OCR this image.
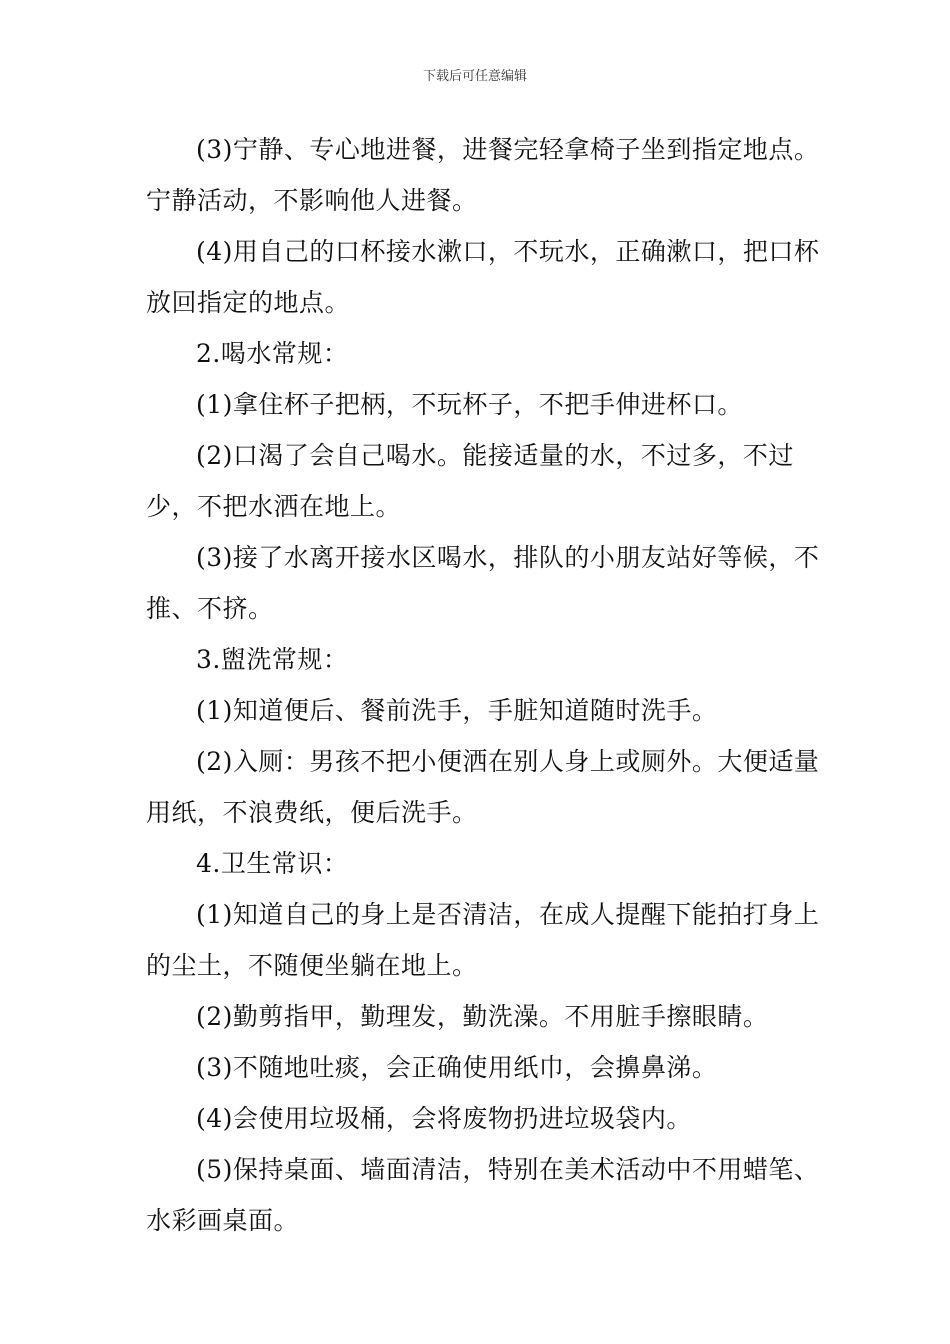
下载后可任意编辑

(3)宁静、专心地进餐，进餐完轻拿椅子坐到指定地点。宁静活动，不影响他人进餐。

(4)用自己的口杯接水漱口，不玩水，正确漱口，把口杯放回指定的地点。

2.喝水常规：

(1)拿住杯子把柄，不玩杯子，不把手伸进杯口。

(2)口渴了会自己喝水。能接适量的水，不过多，不过少，不把水洒在地上。

(3)接了水离开接水区喝水，排队的小朋友站好等候，不推、不挤。

3.盥洗常规：

(1)知道便后、餐前洗手，手脏知道随时洗手。

(2)入厕：男孩不把小便洒在别人身上或厕外。大便适量用纸，不浪费纸，便后洗手。

4.卫生常识：

(1)知道自己的身上是否清洁，在成人提醒下能拍打身上的尘土，不随便坐躺在地上。

(2)勤剪指甲，勤理发，勤洗澡。不用脏手擦眼睛。

(3)不随地吐痰，会正确使用纸巾，会擤鼻涕。

(4)会使用垃圾桶，会将废物扔进垃圾袋内。

(5)保持桌面、墙面清洁，特别在美术活动中不用蜡笔、水彩画桌面。
